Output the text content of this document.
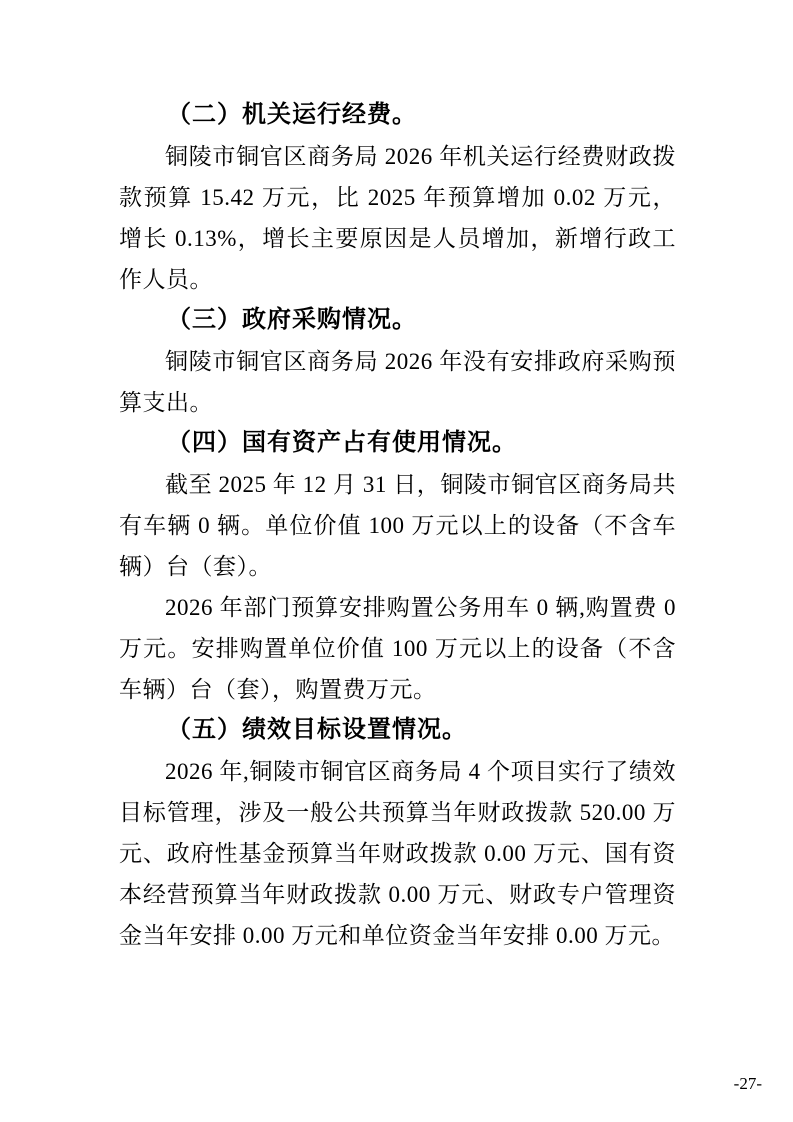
（二）机关运行经费。

铜陵市铜官区商务局 2026 年机关运行经费财政拨款预算 15.42 万元，比 2025 年预算增加 0.02 万元，增长 0.13%，增长主要原因是人员增加，新增行政工作人员。

（三）政府采购情况。

铜陵市铜官区商务局 2026 年没有安排政府采购预算支出。

（四）国有资产占有使用情况。

截至 2025 年 12 月 31 日，铜陵市铜官区商务局共有车辆 0 辆。单位价值 100 万元以上的设备（不含车辆）台（套）。

2026 年部门预算安排购置公务用车 0 辆,购置费 0 万元。安排购置单位价值 100 万元以上的设备（不含车辆）台（套），购置费万元。

（五）绩效目标设置情况。

2026 年,铜陵市铜官区商务局 4 个项目实行了绩效目标管理，涉及一般公共预算当年财政拨款 520.00 万元、政府性基金预算当年财政拨款 0.00 万元、国有资本经营预算当年财政拨款 0.00 万元、财政专户管理资金当年安排 0.00 万元和单位资金当年安排 0.00 万元。

-27-
